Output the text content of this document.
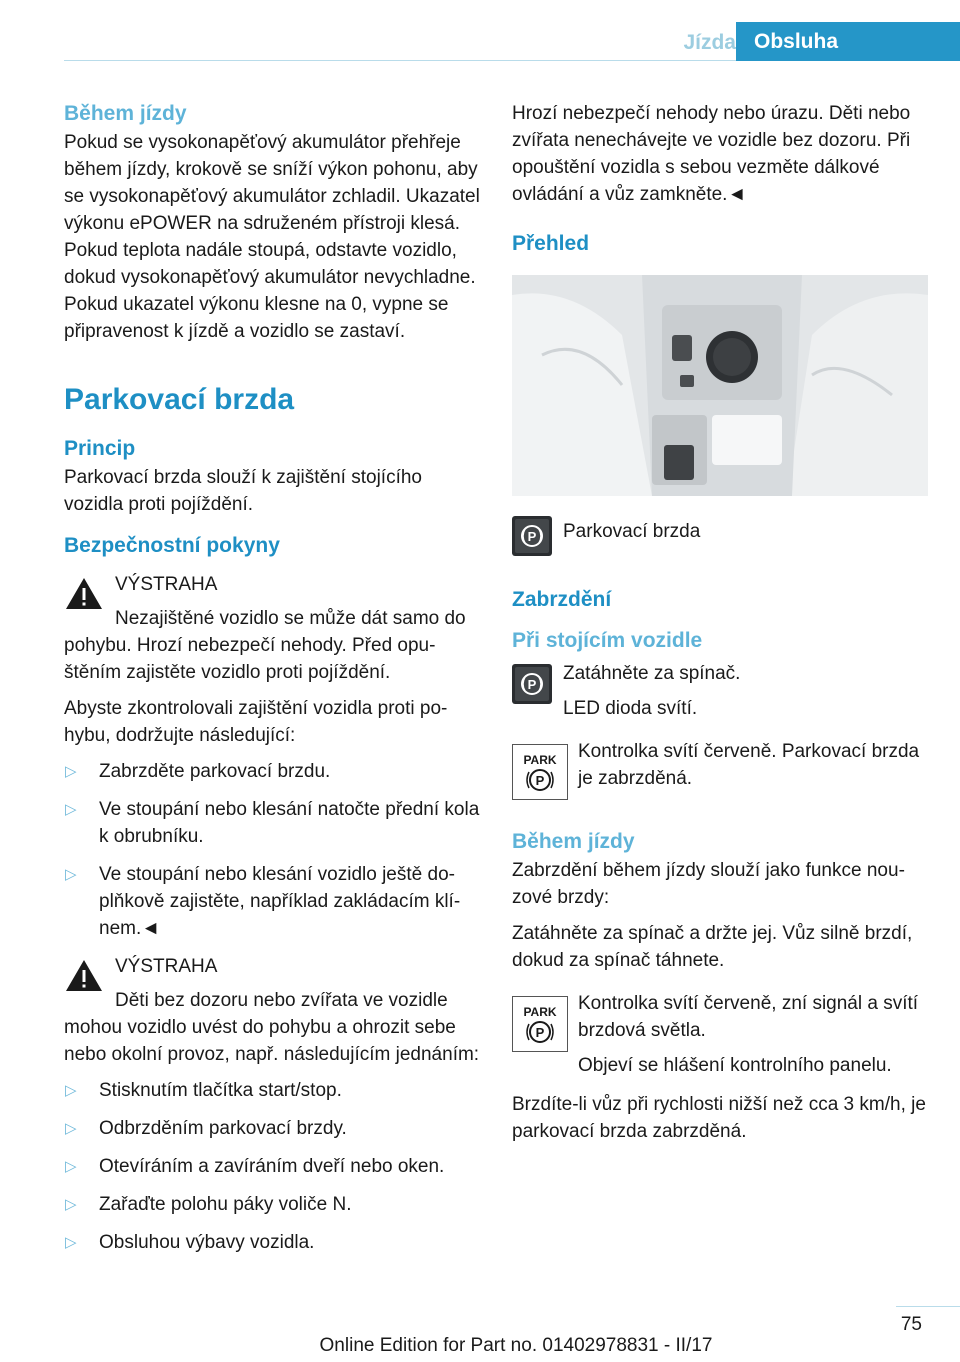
Jízda Obsluha
Během jízdy
Pokud se vysokonapěťový akumulátor přehřeje během jízdy, krokově se sníží výkon pohonu, aby se vysokonapěťový akumulátor zchladil. Ukazatel výkonu ePOWER na sdruženém přístroji klesá. Pokud teplota nadále stoupá, odstavte vozidlo, dokud vysokonapěťový akumulátor nevychladne. Pokud ukazatel výkonu klesne na 0, vypne se připravenost k jízdě a vozidlo se zastaví.
Parkovací brzda
Princip
Parkovací brzda slouží k zajištění stojícího vozidla proti pojíždění.
Bezpečnostní pokyny
VÝSTRAHA
Nezajištěné vozidlo se může dát samo do pohybu. Hrozí nebezpečí nehody. Před opuštěním zajistěte vozidlo proti pojíždění.
Abyste zkontrolovali zajištění vozidla proti pohybu, dodržujte následující:
▷ Zabrzděte parkovací brzdu.
▷ Ve stoupání nebo klesání natočte přední kola k obrubníku.
▷ Ve stoupání nebo klesání vozidlo ještě doplňkově zajistěte, například zakládacím klínem.◄
VÝSTRAHA
Děti bez dozoru nebo zvířata ve vozidle mohou vozidlo uvést do pohybu a ohrozit sebe nebo okolní provoz, např. následujícím jednáním:
▷ Stisknutím tlačítka start/stop.
▷ Odbrzděním parkovací brzdy.
▷ Otevíráním a zavíráním dveří nebo oken.
▷ Zařaďte polohu páky voliče N.
▷ Obsluhou výbavy vozidla.
Hrozí nebezpečí nehody nebo úrazu. Děti nebo zvířata nenechávejte ve vozidle bez dozoru. Při opouštění vozidla s sebou vezměte dálkové ovládání a vůz zamkněte.◄
Přehled
P	Parkovací brzda
Zabrzdění
Při stojícím vozidle
P
Zatáhněte za spínač.
LED dioda svítí.
PARK
P
Kontrolka svítí červeně. Parkovací brzda je zabrzděná.
Během jízdy
Zabrzdění během jízdy slouží jako funkce nouzové brzdy:
Zatáhněte za spínač a držte jej. Vůz silně brzdí, dokud za spínač táhnete.
PARK
P
Kontrolka svítí červeně, zní signál a svítí brzdová světla.
Objeví se hlášení kontrolního panelu.
Brzdíte-li vůz při rychlosti nižší než cca 3 km/h, je parkovací brzda zabrzděná.
75
Online Edition for Part no. 01402978831 - II/17
